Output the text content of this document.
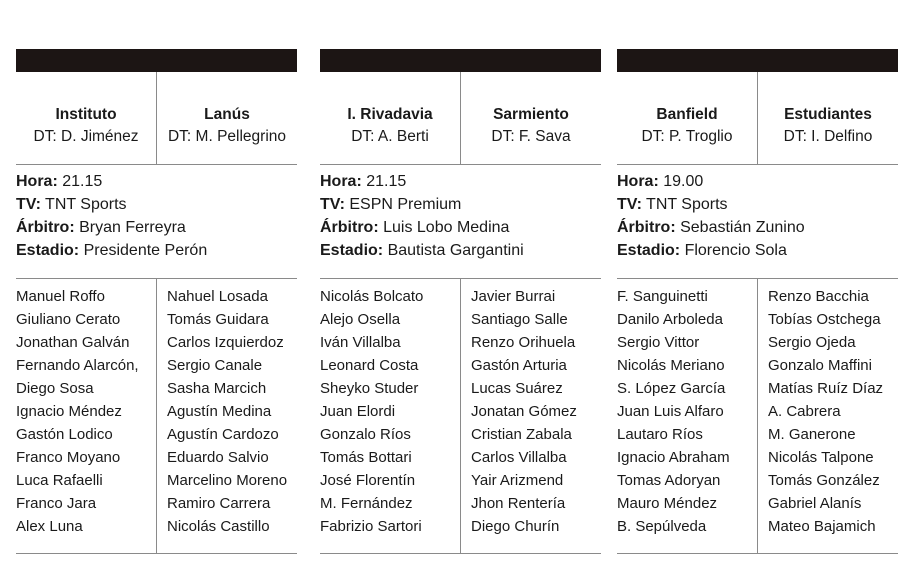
Instituto
DT: D. Jiménez
Lanús
DT: M. Pellegrino
Hora: 21.15
TV: TNT Sports
Árbitro: Bryan Ferreyra
Estadio: Presidente Perón
Manuel Roffo
Giuliano Cerato
Jonathan Galván
Fernando Alarcón,
Diego Sosa
Ignacio Méndez
Gastón Lodico
Franco Moyano
Luca Rafaelli
Franco Jara
Alex Luna
Nahuel Losada
Tomás Guidara
Carlos Izquierdoz
Sergio Canale
Sasha Marcich
Agustín Medina
Agustín Cardozo
Eduardo Salvio
Marcelino Moreno
Ramiro Carrera
Nicolás Castillo
I. Rivadavia
DT: A. Berti
Sarmiento
DT: F. Sava
Hora: 21.15
TV: ESPN Premium
Árbitro: Luis Lobo Medina
Estadio: Bautista Gargantini
Nicolás Bolcato
Alejo Osella
Iván Villalba
Leonard Costa
Sheyko Studer
Juan Elordi
Gonzalo Ríos
Tomás Bottari
José Florentín
M. Fernández
Fabrizio Sartori
Javier Burrai
Santiago Salle
Renzo Orihuela
Gastón Arturia
Lucas Suárez
Jonatan Gómez
Cristian Zabala
Carlos Villalba
Yair Arizmend
Jhon Rentería
Diego Churín
Banfield
DT: P. Troglio
Estudiantes
DT: I. Delfino
Hora: 19.00
TV: TNT Sports
Árbitro: Sebastián Zunino
Estadio: Florencio Sola
F. Sanguinetti
Danilo Arboleda
Sergio Vittor
Nicolás Meriano
S. López García
Juan Luis Alfaro
Lautaro Ríos
Ignacio Abraham
Tomas Adoryan
Mauro Méndez
B. Sepúlveda
Renzo Bacchia
Tobías Ostchega
Sergio Ojeda
Gonzalo Maffini
Matías Ruíz Díaz
A. Cabrera
M. Ganerone
Nicolás Talpone
Tomás González
Gabriel Alanís
Mateo Bajamich
